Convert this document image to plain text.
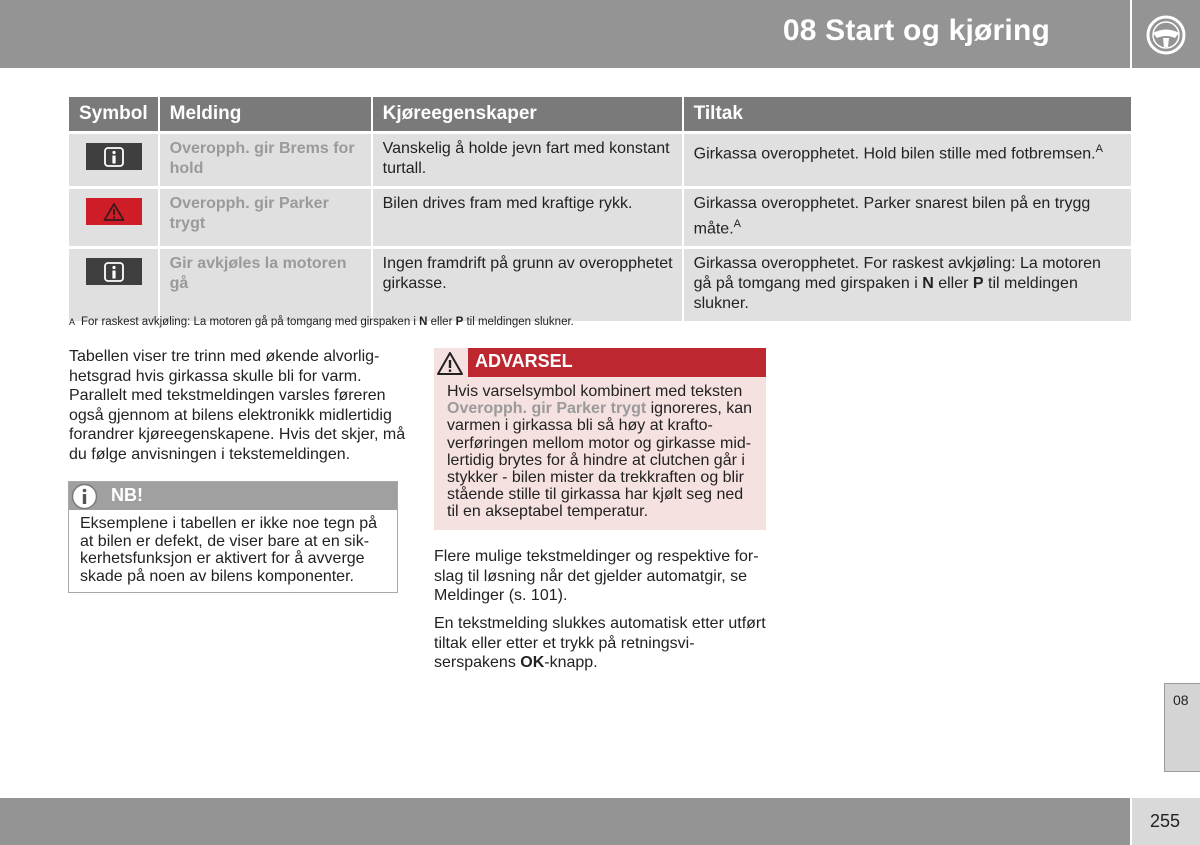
08 Start og kjøring
Symbol	Melding	Kjøreegenskaper	Tiltak

	Overopph. gir Brems for hold	Vanskelig å holde jevn fart med konstant turtall.	Girkassa overopphetet. Hold bilen stille med fotbremsen.$^A$

	Overopph. gir Parker trygt	Bilen drives fram med kraftige rykk.	Girkassa overopphetet. Parker snarest bilen på en trygg måte.$^A$

	Gir avkjøles la motoren gå	Ingen framdrift på grunn av overopphetet girkasse.	Girkassa overopphetet. For raskest avkjøling: La motoren gå på tomgang med girspaken i N eller P til meldingen slukner.
A For raskest avkjøling: La motoren gå på tomgang med girspaken i N eller P til meldingen slukner.
Tabellen viser tre trinn med økende alvorlig-hetsgrad hvis girkassa skulle bli for varm. Parallelt med tekstmeldingen varsles føreren også gjennom at bilens elektronikk midlertidig forandrer kjøreegenskapene. Hvis det skjer, må du følge anvisningen i tekstemeldingen.
NB!
Eksemplene i tabellen er ikke noe tegn på at bilen er defekt, de viser bare at en sik-kerhetsfunksjon er aktivert for å avverge skade på noen av bilens komponenter.
ADVARSEL
Hvis varselsymbol kombinert med teksten Overopph. gir Parker trygt ignoreres, kan varmen i girkassa bli så høy at krafto-verføringen mellom motor og girkasse mid-lertidig brytes for å hindre at clutchen går i stykker - bilen mister da trekkraften og blir stående stille til girkassa har kjølt seg ned til en akseptabel temperatur.
Flere mulige tekstmeldinger og respektive for-slag til løsning når det gjelder automatgir, se Meldinger (s. 101).
En tekstmelding slukkes automatisk etter utført tiltak eller etter et trykk på retningsvi-serspakens OK-knapp.
08
255
